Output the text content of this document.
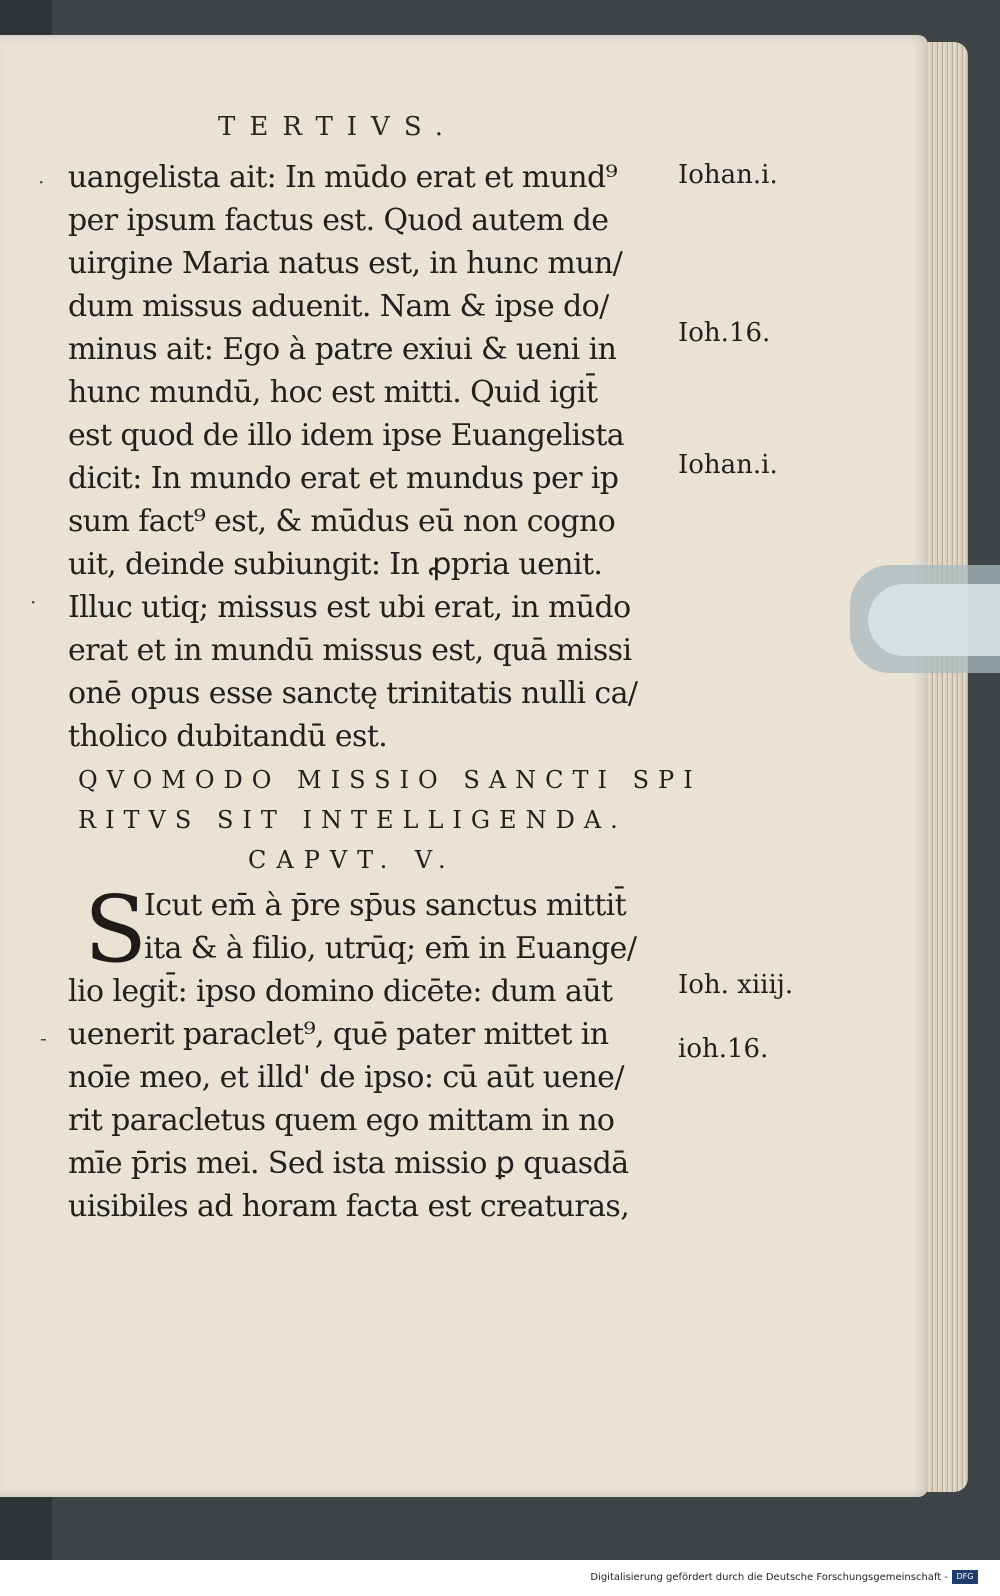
TERTIVS.
·
·
-
uangelista ait: In mūdo erat et mund⁹
per ipsum factus est. Quod autem de
uirgine Maria natus est, in hunc mun/
dum missus aduenit. Nam & ipse do/
minus ait: Ego à patre exiui & ueni in
hunc mundū, hoc est mitti. Quid igit̄
est quod de illo idem ipse Euangelista
dicit: In mundo erat et mundus per ip
sum fact⁹ est, & mūdus eū non cogno
uit, deinde subiungit: In ꝓpria uenit.
Illuc utiq; missus est ubi erat, in mūdo
erat et in mundū missus est, quā missi
onē opus esse sanctę trinitatis nulli ca/
tholico dubitandū est.
QVOMODO MISSIO SANCTI SPI
RITVS SIT INTELLIGENDA.
CAPVT. V.
S
Icut em̄ à p̄re sp̄us sanctus mittit̄
ita & à filio, utrūq; em̄ in Euange/
lio legit̄: ipso domino dicēte: dum aūt
uenerit paraclet⁹, quē pater mittet in
noīe meo, et illd' de ipso: cū aūt uene/
rit paracletus quem ego mittam in no
mīe p̄ris mei. Sed ista missio ꝑ quasdā
uisibiles ad horam facta est creaturas,
Iohan.i.
Ioh.16.
Iohan.i.
Ioh. xiiij.
ioh.16.
Digitalisierung gefördert durch die Deutsche Forschungsgemeinschaft -	DFG
